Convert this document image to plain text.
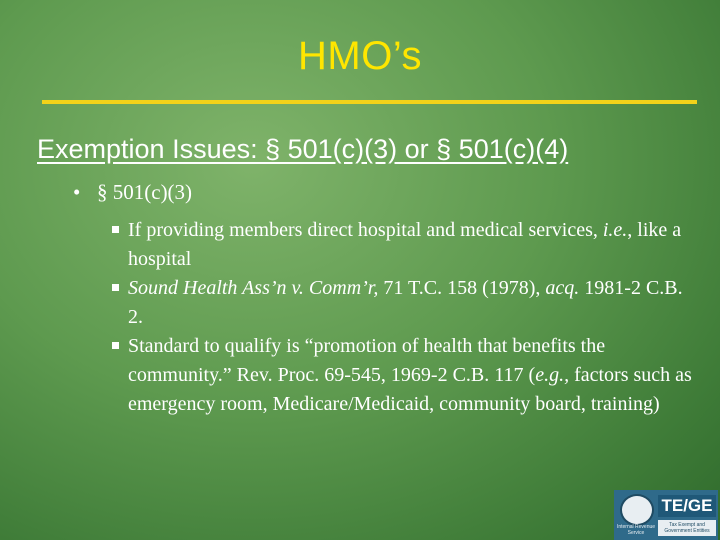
HMO’s
Exemption Issues: § 501(c)(3) or § 501(c)(4)
• § 501(c)(3)
If providing members direct hospital and medical services, i.e., like a hospital
Sound Health Ass’n v. Comm’r, 71 T.C. 158 (1978), acq. 1981-2 C.B. 2.
Standard to qualify is “promotion of health that benefits the community.” Rev. Proc. 69-545, 1969-2 C.B. 117 (e.g., factors such as emergency room, Medicare/Medicaid, community board, training)
Internal Revenue Service
TE/GE
Tax Exempt and Government Entities
